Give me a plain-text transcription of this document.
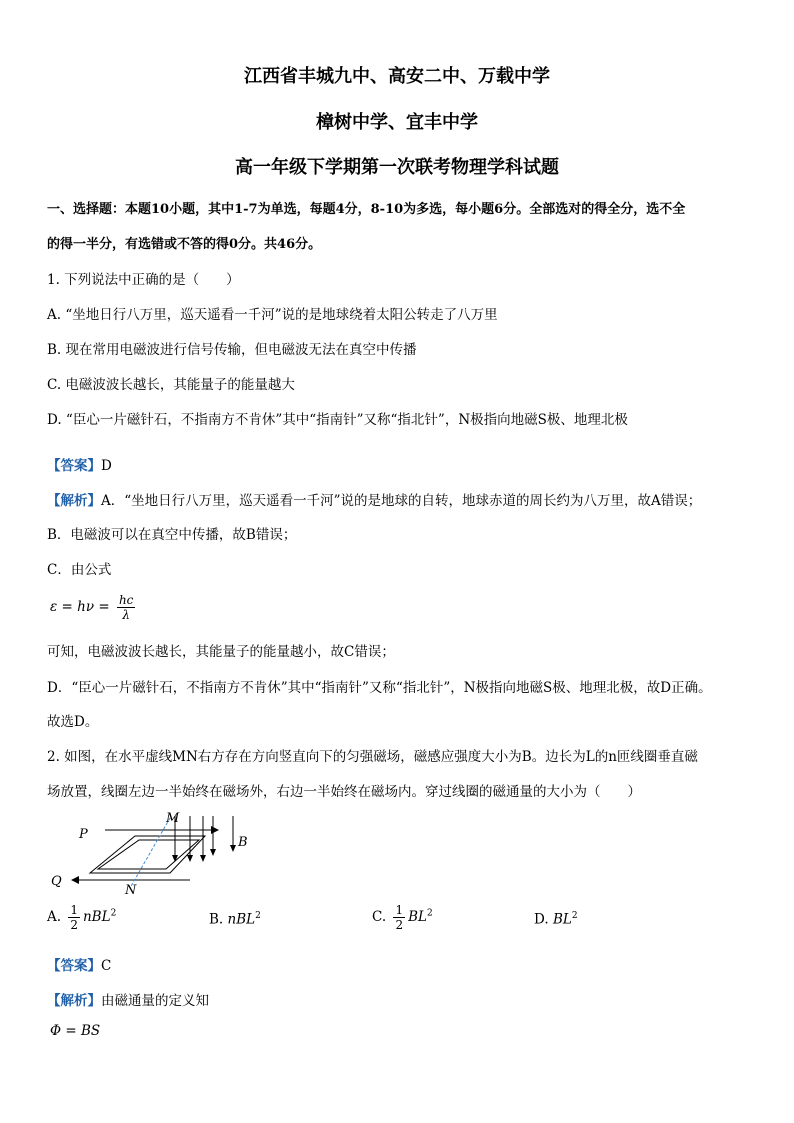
江西省丰城九中、高安二中、万载中学
樟树中学、宜丰中学
高一年级下学期第一次联考物理学科试题
一、选择题：本题10小题，其中1-7为单选，每题4分，8-10为多选，每小题6分。全部选对的得全分，选不全
的得一半分，有选错或不答的得0分。共46分。
1. 下列说法中正确的是（　　）
A. “坐地日行八万里，巡天遥看一千河”说的是地球绕着太阳公转走了八万里
B. 现在常用电磁波进行信号传输，但电磁波无法在真空中传播
C. 电磁波波长越长，其能量子的能量越大
D. “臣心一片磁针石，不指南方不肯休”其中“指南针”又称“指北针”，N极指向地磁S极、地理北极
【答案】D
【解析】A．“坐地日行八万里，巡天遥看一千河”说的是地球的自转，地球赤道的周长约为八万里，故A错误；
B．电磁波可以在真空中传播，故B错误；
C．由公式
$\varepsilon = h\nu = \frac{hc}{\lambda}$
可知，电磁波波长越长，其能量子的能量越小，故C错误；
D．“臣心一片磁针石，不指南方不肯休”其中“指南针”又称“指北针”，N极指向地磁S极、地理北极，故D正确。
故选D。
2. 如图，在水平虚线MN右方存在方向竖直向下的匀强磁场，磁感应强度大小为B。边长为L的n匝线圈垂直磁
场放置，线圈左边一半始终在磁场外，右边一半始终在磁场内。穿过线圈的磁通量的大小为（　　）
P
Q
M
N
B
A. $\frac{1}{2} nBL^2$	B. nBL$^2$	C. $\frac{1}{2} BL^2$	D. $BL^2$
【答案】C
【解析】由磁通量的定义知
Φ = BS
